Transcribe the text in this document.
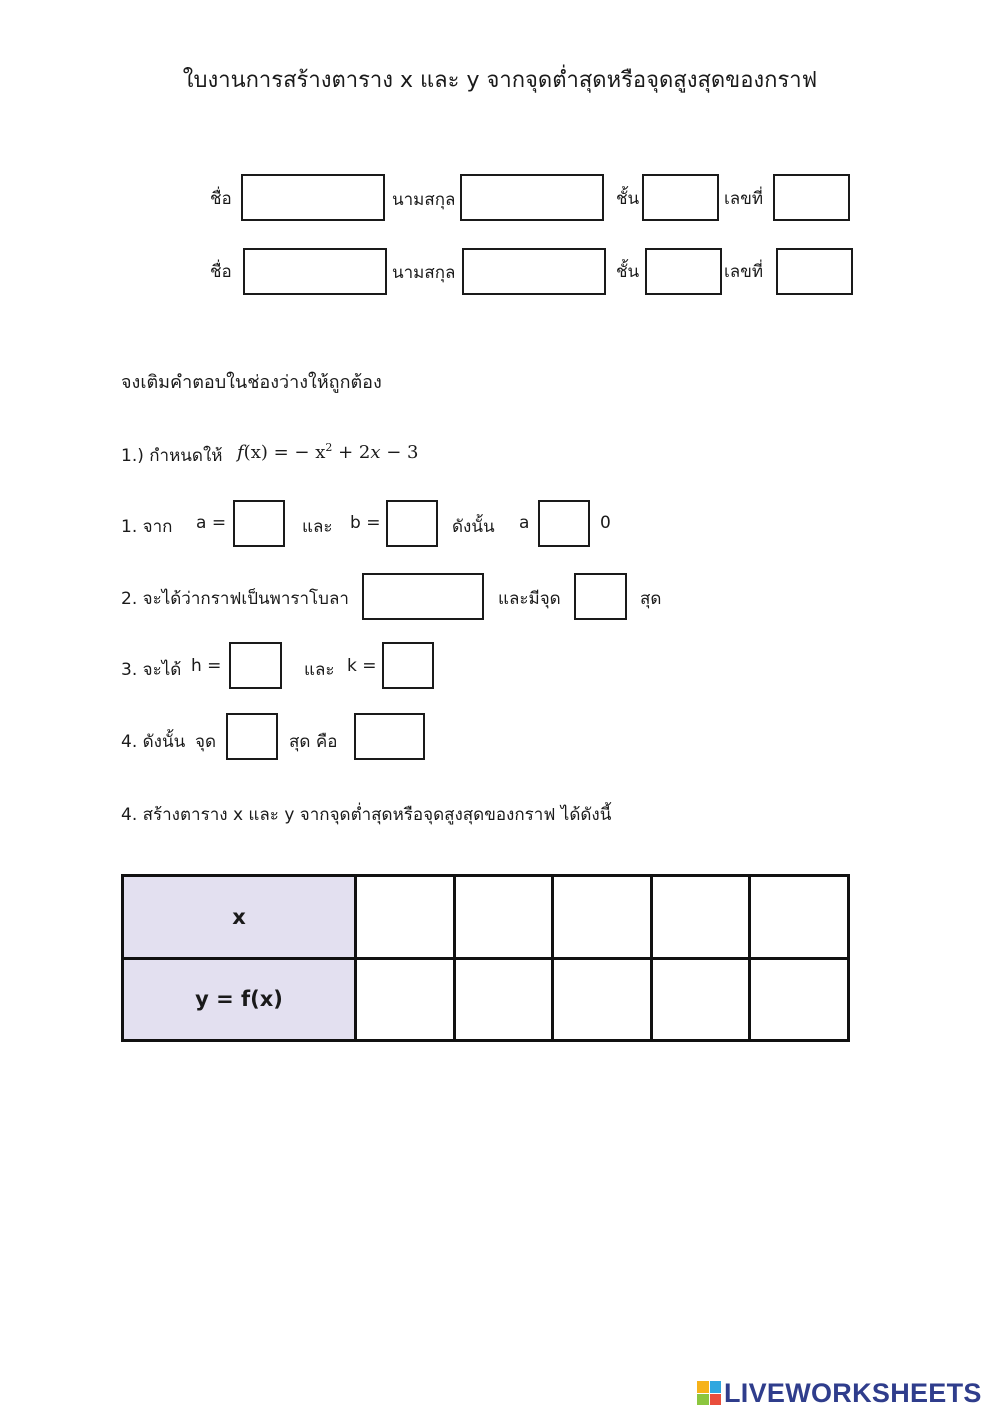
ใบงานการสร้างตาราง x และ y จากจุดต่ำสุดหรือจุดสูงสุดของกราฟ
ชื่อ	นามสกุล	ชั้น	เลขที่
ชื่อ	นามสกุล	ชั้น	เลขที่
จงเติมคำตอบในช่องว่างให้ถูกต้อง
1.) กำหนดให้ f(x) = − $x^2 + 2x - 3$
1. จาก a =	และ b =	ดังนั้น a	0
2. จะได้ว่ากราฟเป็นพาราโบลา	และมีจุด	สุด
3. จะได้ h =	และ k =
4. ดังนั้น จุด	สุด คือ
4. สร้างตาราง x และ y จากจุดต่ำสุดหรือจุดสูงสุดของกราฟ ได้ดังนี้
x					
y = f(x)					
LIVEWORKSHEETS
